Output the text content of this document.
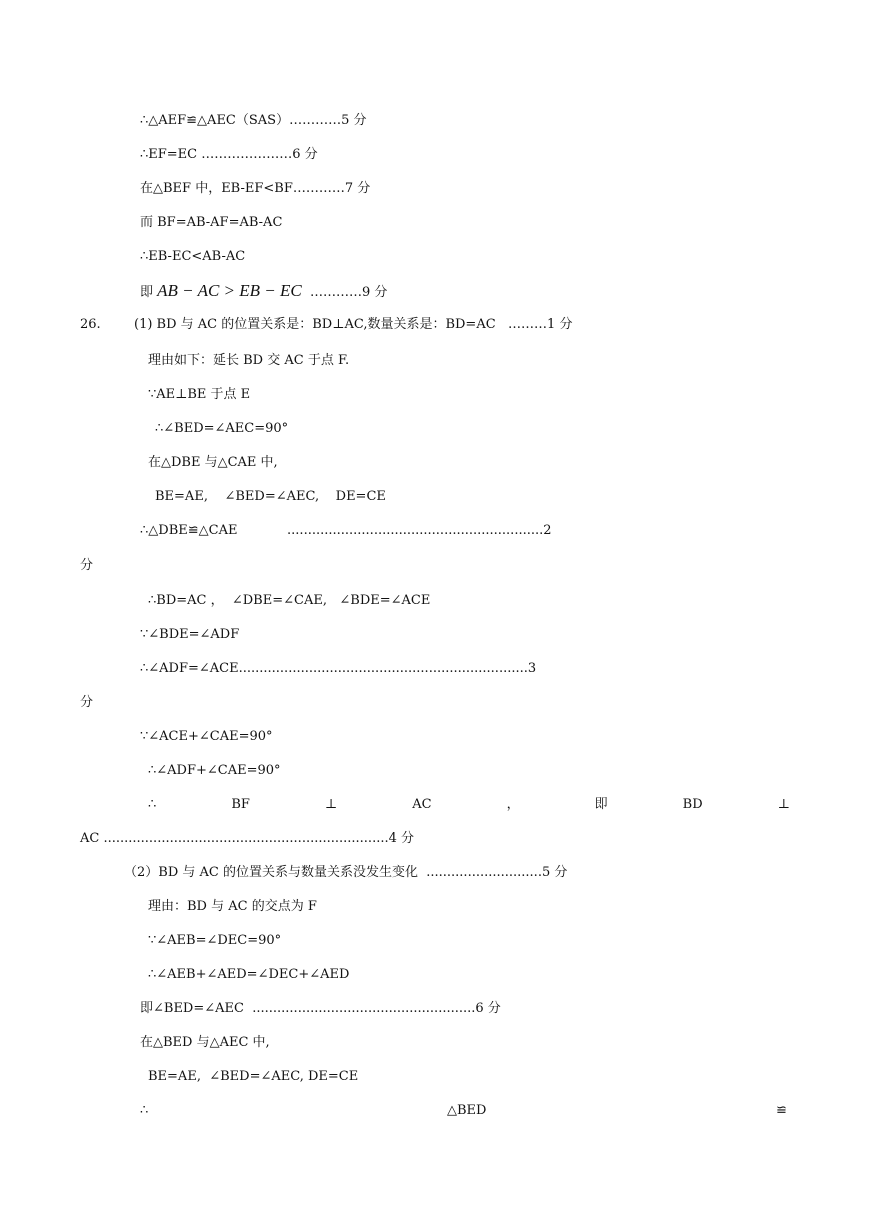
∴△AEF≌△AEC（SAS）…………5 分
∴EF=EC …………………6 分
在△BEF 中，EB-EF<BF…………7 分
而 BF=AB-AF=AB-AC
∴EB-EC<AB-AC
即 AB − AC > EB − EC  …………9 分
26.	(1) BD 与 AC 的位置关系是：BD⊥AC,数量关系是：BD=AC   ………1 分
理由如下：延长 BD 交 AC 于点 F.
∵AE⊥BE 于点 E
∴∠BED=∠AEC=90°
在△DBE 与△CAE 中,
BE=AE,    ∠BED=∠AEC,    DE=CE
∴△DBE≌△CAE            ..............................................................2
分
∴BD=AC ，  ∠DBE=∠CAE,   ∠BDE=∠ACE
∵∠BDE=∠ADF
∴∠ADF=∠ACE......................................................................3
分
∵∠ACE+∠CAE=90°
∴∠ADF+∠CAE=90°
∴	BF	⊥	AC	，	即	BD	⊥
AC .....................................................................4 分
（2）BD 与 AC 的位置关系与数量关系没发生变化  ............................5 分
理由：BD 与 AC 的交点为 F
∵∠AEB=∠DEC=90°
∴∠AEB+∠AED=∠DEC+∠AED
即∠BED=∠AEC  ......................................................6 分
在△BED 与△AEC 中,
BE=AE,  ∠BED=∠AEC, DE=CE
∴	△BED	≌
